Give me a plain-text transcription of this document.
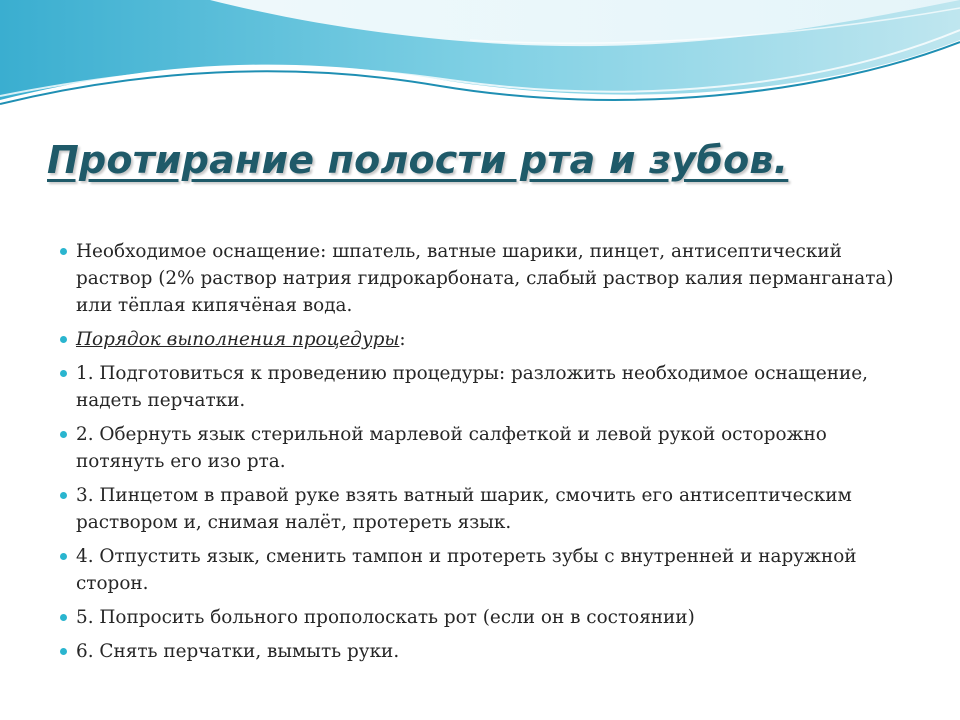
Протирание полости рта и зубов.
Необходимое оснащение: шпатель, ватные шарики, пинцет, антисептический раствор (2% раствор натрия гидрокарбоната, слабый раствор калия перманганата) или тёплая кипячёная вода.
Порядок выполнения процедуры:
1. Подготовиться к проведению процедуры: разложить необходимое оснащение, надеть перчатки.
2. Обернуть язык стерильной марлевой салфеткой и левой рукой осторожно потянуть его изо рта.
3. Пинцетом в правой руке взять ватный шарик, смочить его антисептическим раствором и, снимая налёт, протереть язык.
4. Отпустить язык, сменить тампон и протереть зубы с внутренней и наружной сторон.
5. Попросить больного прополоскать рот (если он в состоянии)
6. Снять перчатки, вымыть руки.
